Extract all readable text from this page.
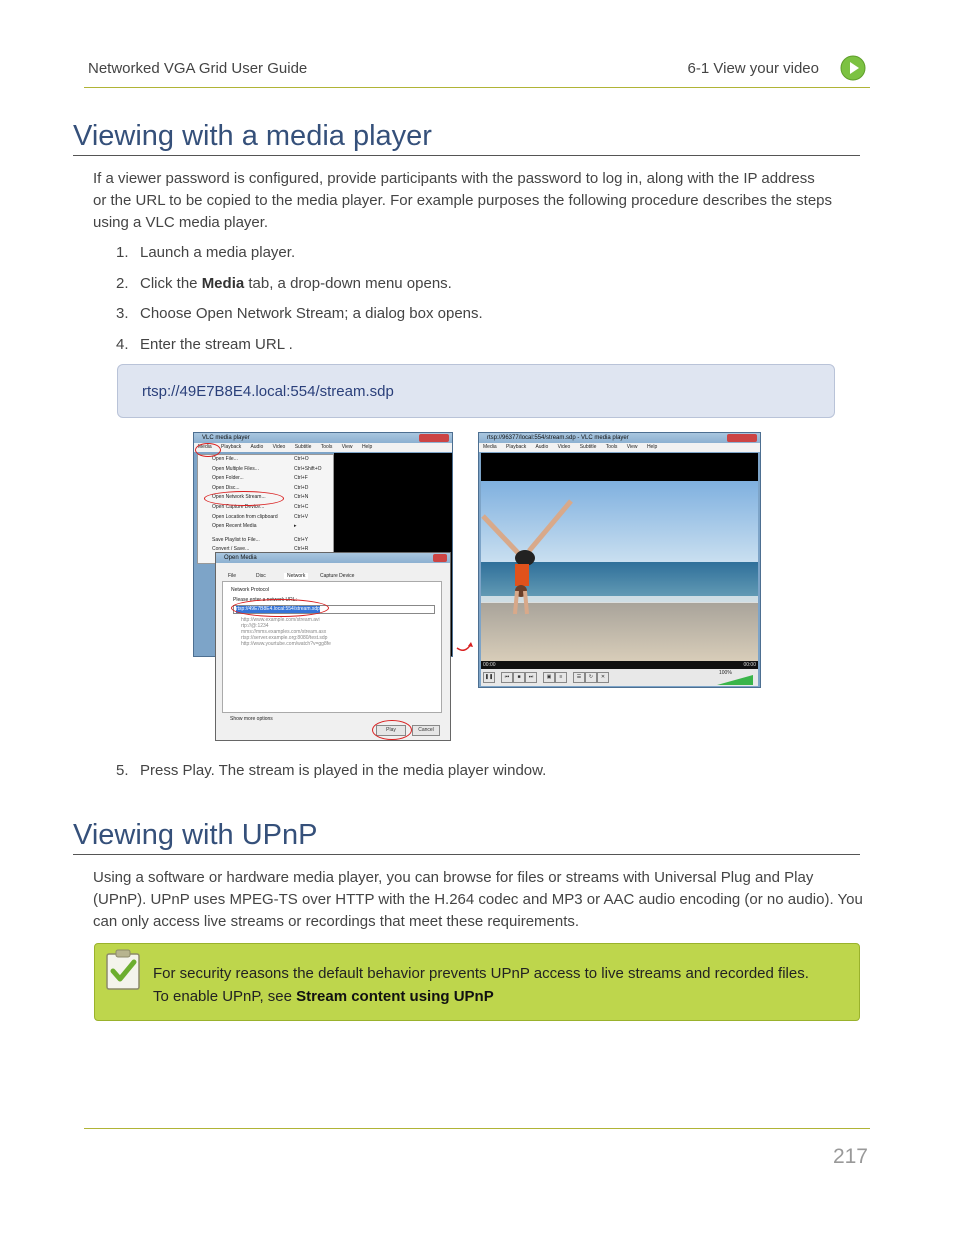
Networked VGA Grid User Guide	6-1 View your video
Viewing with a media player

If a viewer password is configured, provide participants with the password to log in, along with the IP address
or the URL to be copied to the media player. For example purposes the following procedure describes the steps
using a VLC media player.

1. Launch a media player.
2. Click the Media tab, a drop-down menu opens.
3. Choose Open Network Stream; a dialog box opens.
4. Enter the stream URL .
rtsp://49E7B8E4.local:554/stream.sdp
VLC media player
Media Playback Audio Video Subtitle Tools View Help
Open File...	Ctrl+O
Open Multiple Files...	Ctrl+Shift+O
Open Folder...	Ctrl+F
Open Disc...	Ctrl+D
Open Network Stream...	Ctrl+N
Open Capture Device...	Ctrl+C
Open Location from clipboard	Ctrl+V
Open Recent Media	▸
Save Playlist to File...	Ctrl+Y
Convert / Save...	Ctrl+R
Open Media
File	Disc	Network	Capture Device
Network Protocol
Please enter a network URL:
rtsp://49E7B8E4.local:554/stream.sdp
http://www.example.com/stream.avi
rtp://@:1234
mms://mms.examples.com/stream.asx
rtsp://server.example.org:8080/test.sdp
http://www.yourtube.com/watch?v=gg8fe
Show more options
Play	Cancel
rtsp://96377/local:554/stream.sdp - VLC media player
Media Playback Audio Video Subtitle Tools View Help
00:00	00:00
❚❚	⏮	■	⏭	▣	≡	☰	↻	✕
100%
5. Press Play. The stream is played in the media player window.
Viewing with UPnP

Using a software or hardware media player, you can browse for files or streams with Universal Plug and Play
(UPnP). UPnP uses MPEG-TS over HTTP with the H.264 codec and MP3 or AAC audio encoding (or no audio). You
can only access live streams or recordings that meet these requirements.

For security reasons the default behavior prevents UPnP access to live streams and recorded files.
To enable UPnP, see Stream content using UPnP
217
